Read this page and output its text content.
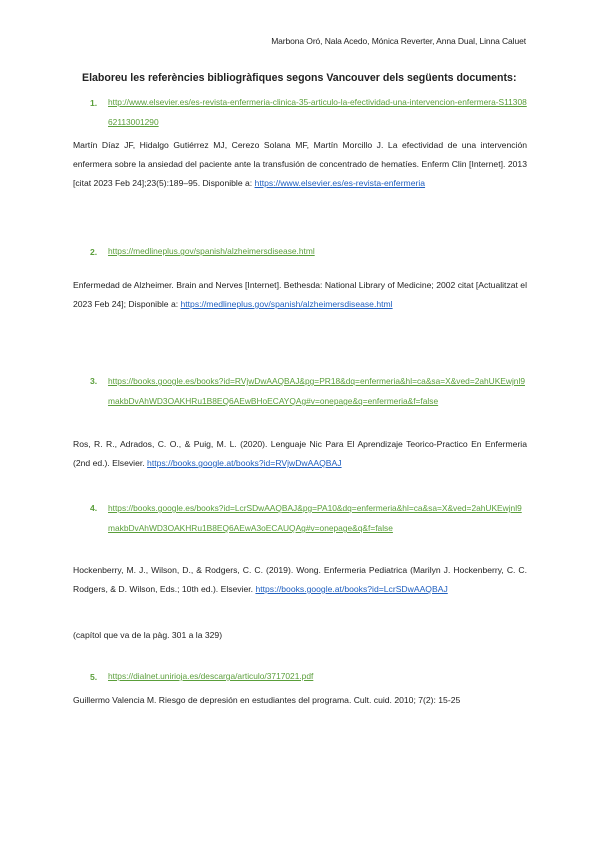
Marbona Oró, Nala Acedo, Mónica Reverter, Anna Dual, Linna Caluet
Elaboreu les referències bibliogràfiques segons Vancouver dels següents documents:
1. http://www.elsevier.es/es-revista-enfermeria-clinica-35-articulo-la-efectividad-una-intervencion-enfermera-S1130862113001290
Martín Díaz JF, Hidalgo Gutiérrez MJ, Cerezo Solana MF, Martín Morcillo J. La efectividad de una intervención enfermera sobre la ansiedad del paciente ante la transfusión de concentrado de hematíes. Enferm Clin [Internet]. 2013 [citat 2023 Feb 24];23(5):189–95. Disponible a: https://www.elsevier.es/es-revista-enfermeria
2. https://medlineplus.gov/spanish/alzheimersdisease.html
Enfermedad de Alzheimer. Brain and Nerves [Internet]. Bethesda: National Library of Medicine; 2002 citat [Actualitzat el 2023 Feb 24]; Disponible a: https://medlineplus.gov/spanish/alzheimersdisease.html
3. https://books.google.es/books?id=RVjwDwAAQBAJ&pg=PR18&dq=enfermeria&hl=ca&sa=X&ved=2ahUKEwjnl9makbDvAhWD3OAKHRu1B8EQ6AEwBHoECAYQAg#v=onepage&q=enfermeria&f=false
Ros, R. R., Adrados, C. O., & Puig, M. L. (2020). Lenguaje Nic Para El Aprendizaje Teorico-Practico En Enfermeria (2nd ed.). Elsevier. https://books.google.at/books?id=RVjwDwAAQBAJ
4. https://books.google.es/books?id=LcrSDwAAQBAJ&pg=PA10&dq=enfermeria&hl=ca&sa=X&ved=2ahUKEwjnl9makbDvAhWD3OAKHRu1B8EQ6AEwA3oECAUQAg#v=onepage&q&f=false
Hockenberry, M. J., Wilson, D., & Rodgers, C. C. (2019). Wong. Enfermeria Pediatrica (Marilyn J. Hockenberry, C. C. Rodgers, & D. Wilson, Eds.; 10th ed.). Elsevier. https://books.google.at/books?id=LcrSDwAAQBAJ
(capítol que va de la pàg. 301 a la 329)
5. https://dialnet.unirioja.es/descarga/articulo/3717021.pdf
Guillermo Valencia M. Riesgo de depresión en estudiantes del programa. Cult. cuid. 2010; 7(2): 15-25
